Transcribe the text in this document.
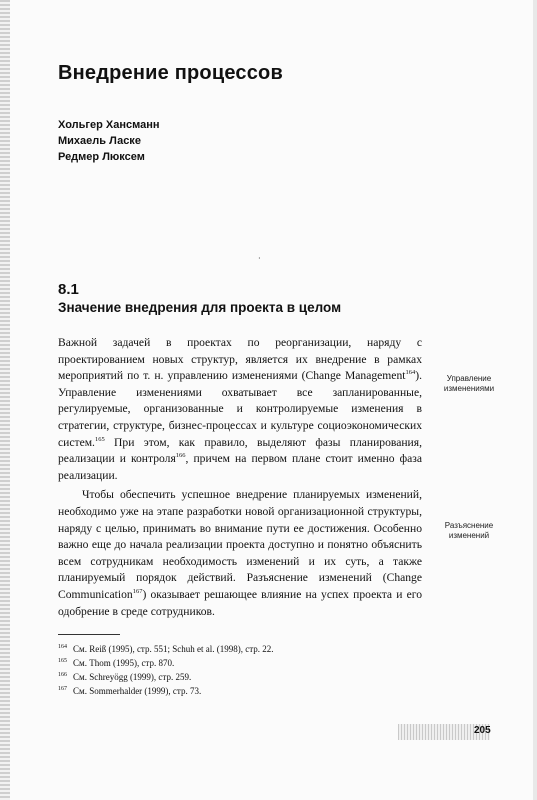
Внедрение процессов
Хольгер Хансманн
Михаель Ласке
Редмер Люксем
·
8.1
Значение внедрения для проекта в целом

Важной задачей в проектах по реорганизации, наряду с проектированием новых структур, является их внедрение в рамках мероприятий по т. н. управлению изменениями (Change Management$^{164}$). Управление изменениями охватывает все запланированные, регулируемые, организованные и контролируемые изменения в стратегии, структуре, бизнес-процессах и культуре социоэкономических систем.$^{165}$ При этом, как правило, выделяют фазы планирования, реализации и контроля$^{166}$, причем на первом плане стоит именно фаза реализации.

Чтобы обеспечить успешное внедрение планируемых изменений, необходимо уже на этапе разработки новой организационной структуры, наряду с целью, принимать во внимание пути ее достижения. Особенно важно еще до начала реализации проекта доступно и понятно объяснить всем сотрудникам необходимость изменений и их суть, а также планируемый порядок действий. Разъяснение изменений (Change Communication$^{167}$) оказывает решающее влияние на успех проекта и его одобрение в среде сотрудников.

Управление изменениями
Разъяснение изменений
$^{164}$ См. Reiß (1995), стр. 551; Schuh et al. (1998), стр. 22.
$^{165}$ См. Thom (1995), стр. 870.
$^{166}$ См. Schreyögg (1999), стр. 259.
$^{167}$ См. Sommerhalder (1999), стр. 73.
205
